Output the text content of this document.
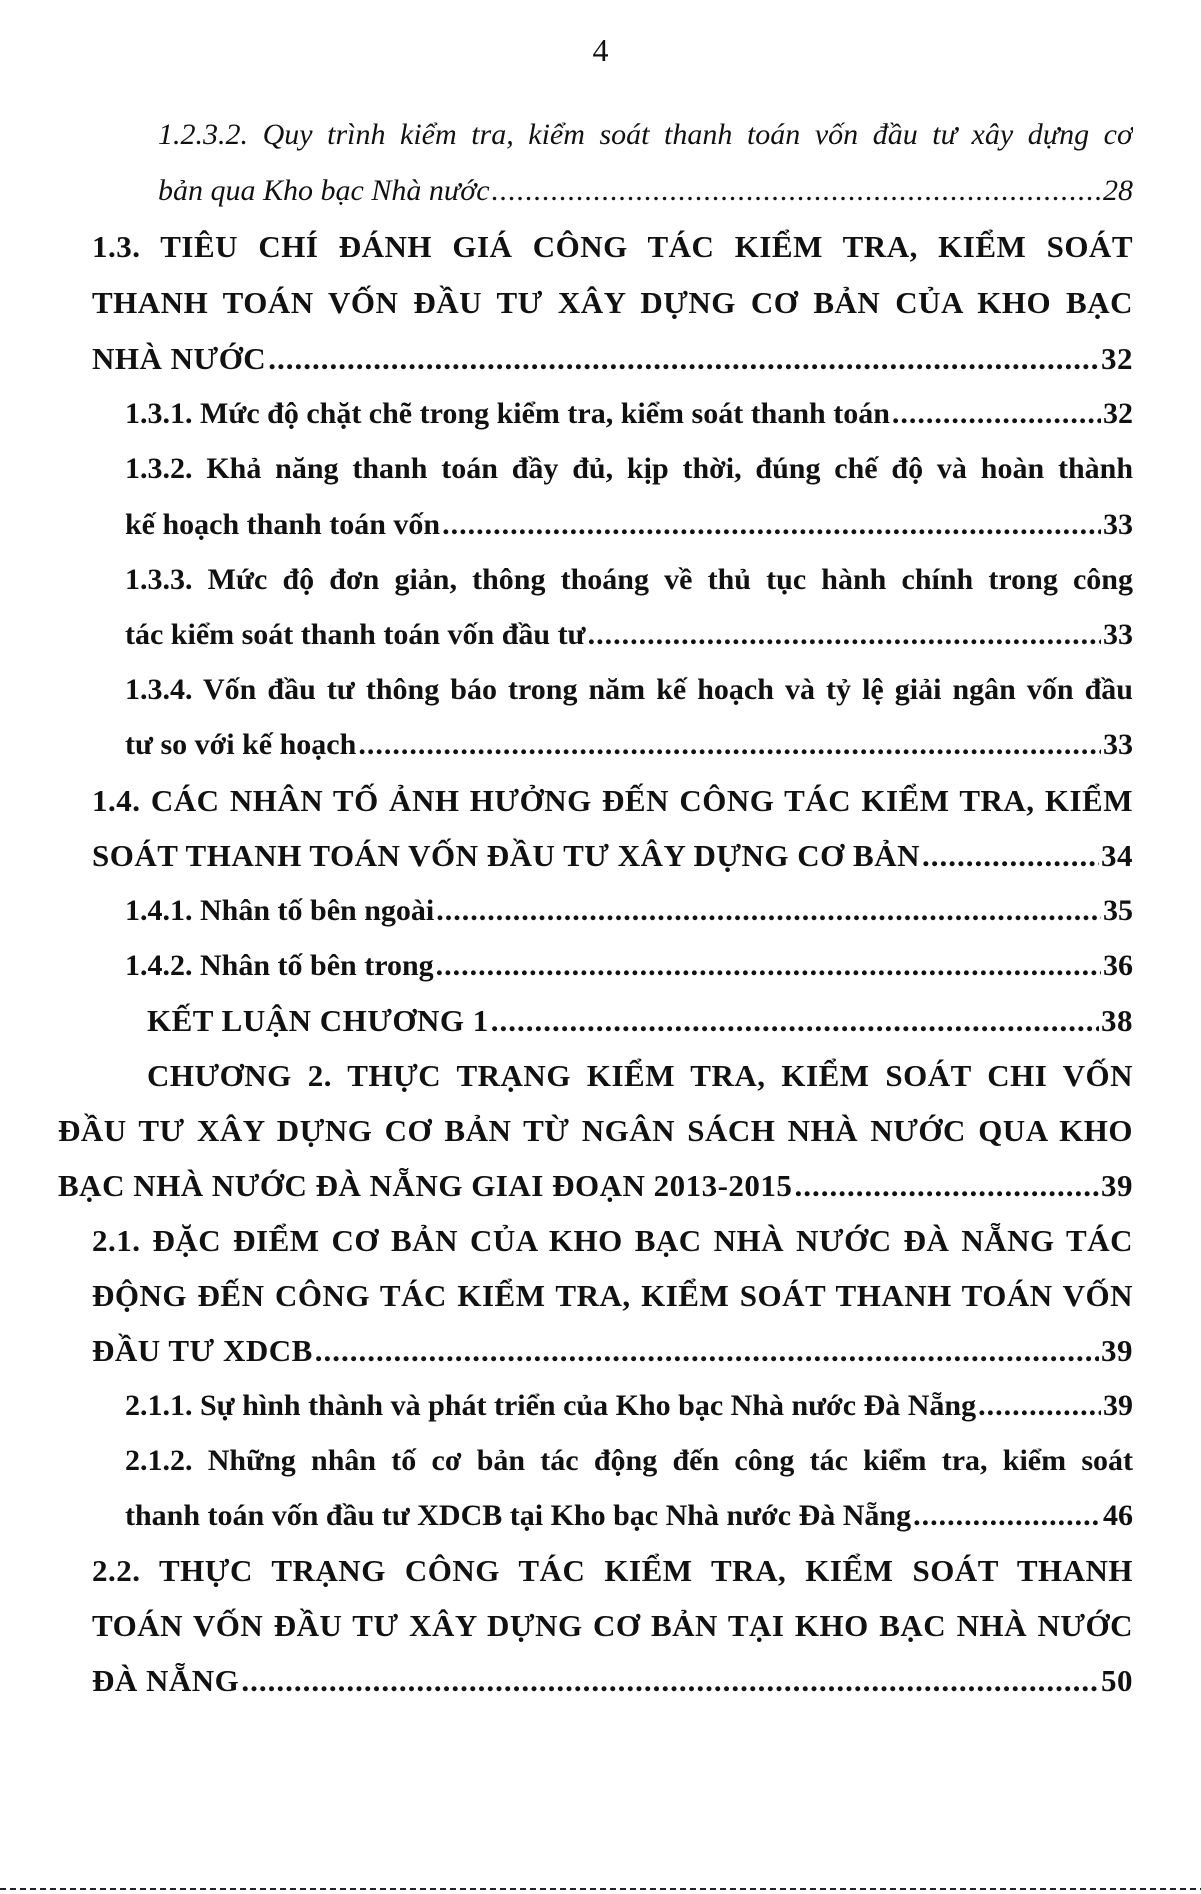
4
1.2.3.2. Quy trình kiểm tra, kiểm soát thanh toán vốn đầu tư xây dựng cơ
bản qua Kho bạc Nhà nước .....	28
1.3. TIÊU CHÍ ĐÁNH GIÁ CÔNG TÁC KIỂM TRA, KIỂM SOÁT
THANH TOÁN VỐN ĐẦU TƯ XÂY DỰNG CƠ BẢN CỦA KHO BẠC
NHÀ NƯỚC .....	32
1.3.1. Mức độ chặt chẽ trong kiểm tra, kiểm soát thanh toán .....	32
1.3.2. Khả năng thanh toán đầy đủ, kịp thời, đúng chế độ và hoàn thành
kế hoạch thanh toán vốn .....	33
1.3.3. Mức độ đơn giản, thông thoáng về thủ tục hành chính trong công
tác kiểm soát thanh toán vốn đầu tư .....	33
1.3.4. Vốn đầu tư thông báo trong năm kế hoạch và tỷ lệ giải ngân vốn đầu
tư so với kế hoạch .....	33
1.4. CÁC NHÂN TỐ ẢNH HƯỞNG ĐẾN CÔNG TÁC KIỂM TRA, KIỂM
SOÁT THANH TOÁN VỐN ĐẦU TƯ XÂY DỰNG CƠ BẢN .....	34
1.4.1. Nhân tố bên ngoài .....	35
1.4.2. Nhân tố bên trong .....	36
KẾT LUẬN CHƯƠNG 1 .....	38
CHƯƠNG 2. THỰC TRẠNG KIỂM TRA, KIỂM SOÁT CHI VỐN
ĐẦU TƯ XÂY DỰNG CƠ BẢN TỪ NGÂN SÁCH NHÀ NƯỚC QUA KHO
BẠC NHÀ NƯỚC ĐÀ NẴNG GIAI ĐOẠN 2013-2015 .....	39
2.1. ĐẶC ĐIỂM CƠ BẢN CỦA KHO BẠC NHÀ NƯỚC ĐÀ NẴNG TÁC
ĐỘNG ĐẾN CÔNG TÁC KIỂM TRA, KIỂM SOÁT THANH TOÁN VỐN
ĐẦU TƯ XDCB .....	39
2.1.1. Sự hình thành và phát triển của Kho bạc Nhà nước Đà Nẵng .....	39
2.1.2. Những nhân tố cơ bản tác động đến công tác kiểm tra, kiểm soát
thanh toán vốn đầu tư XDCB tại Kho bạc Nhà nước Đà Nẵng .....	46
2.2. THỰC TRẠNG CÔNG TÁC KIỂM TRA, KIỂM SOÁT THANH
TOÁN VỐN ĐẦU TƯ XÂY DỰNG CƠ BẢN TẠI KHO BẠC NHÀ NƯỚC
ĐÀ NẴNG .....	50
